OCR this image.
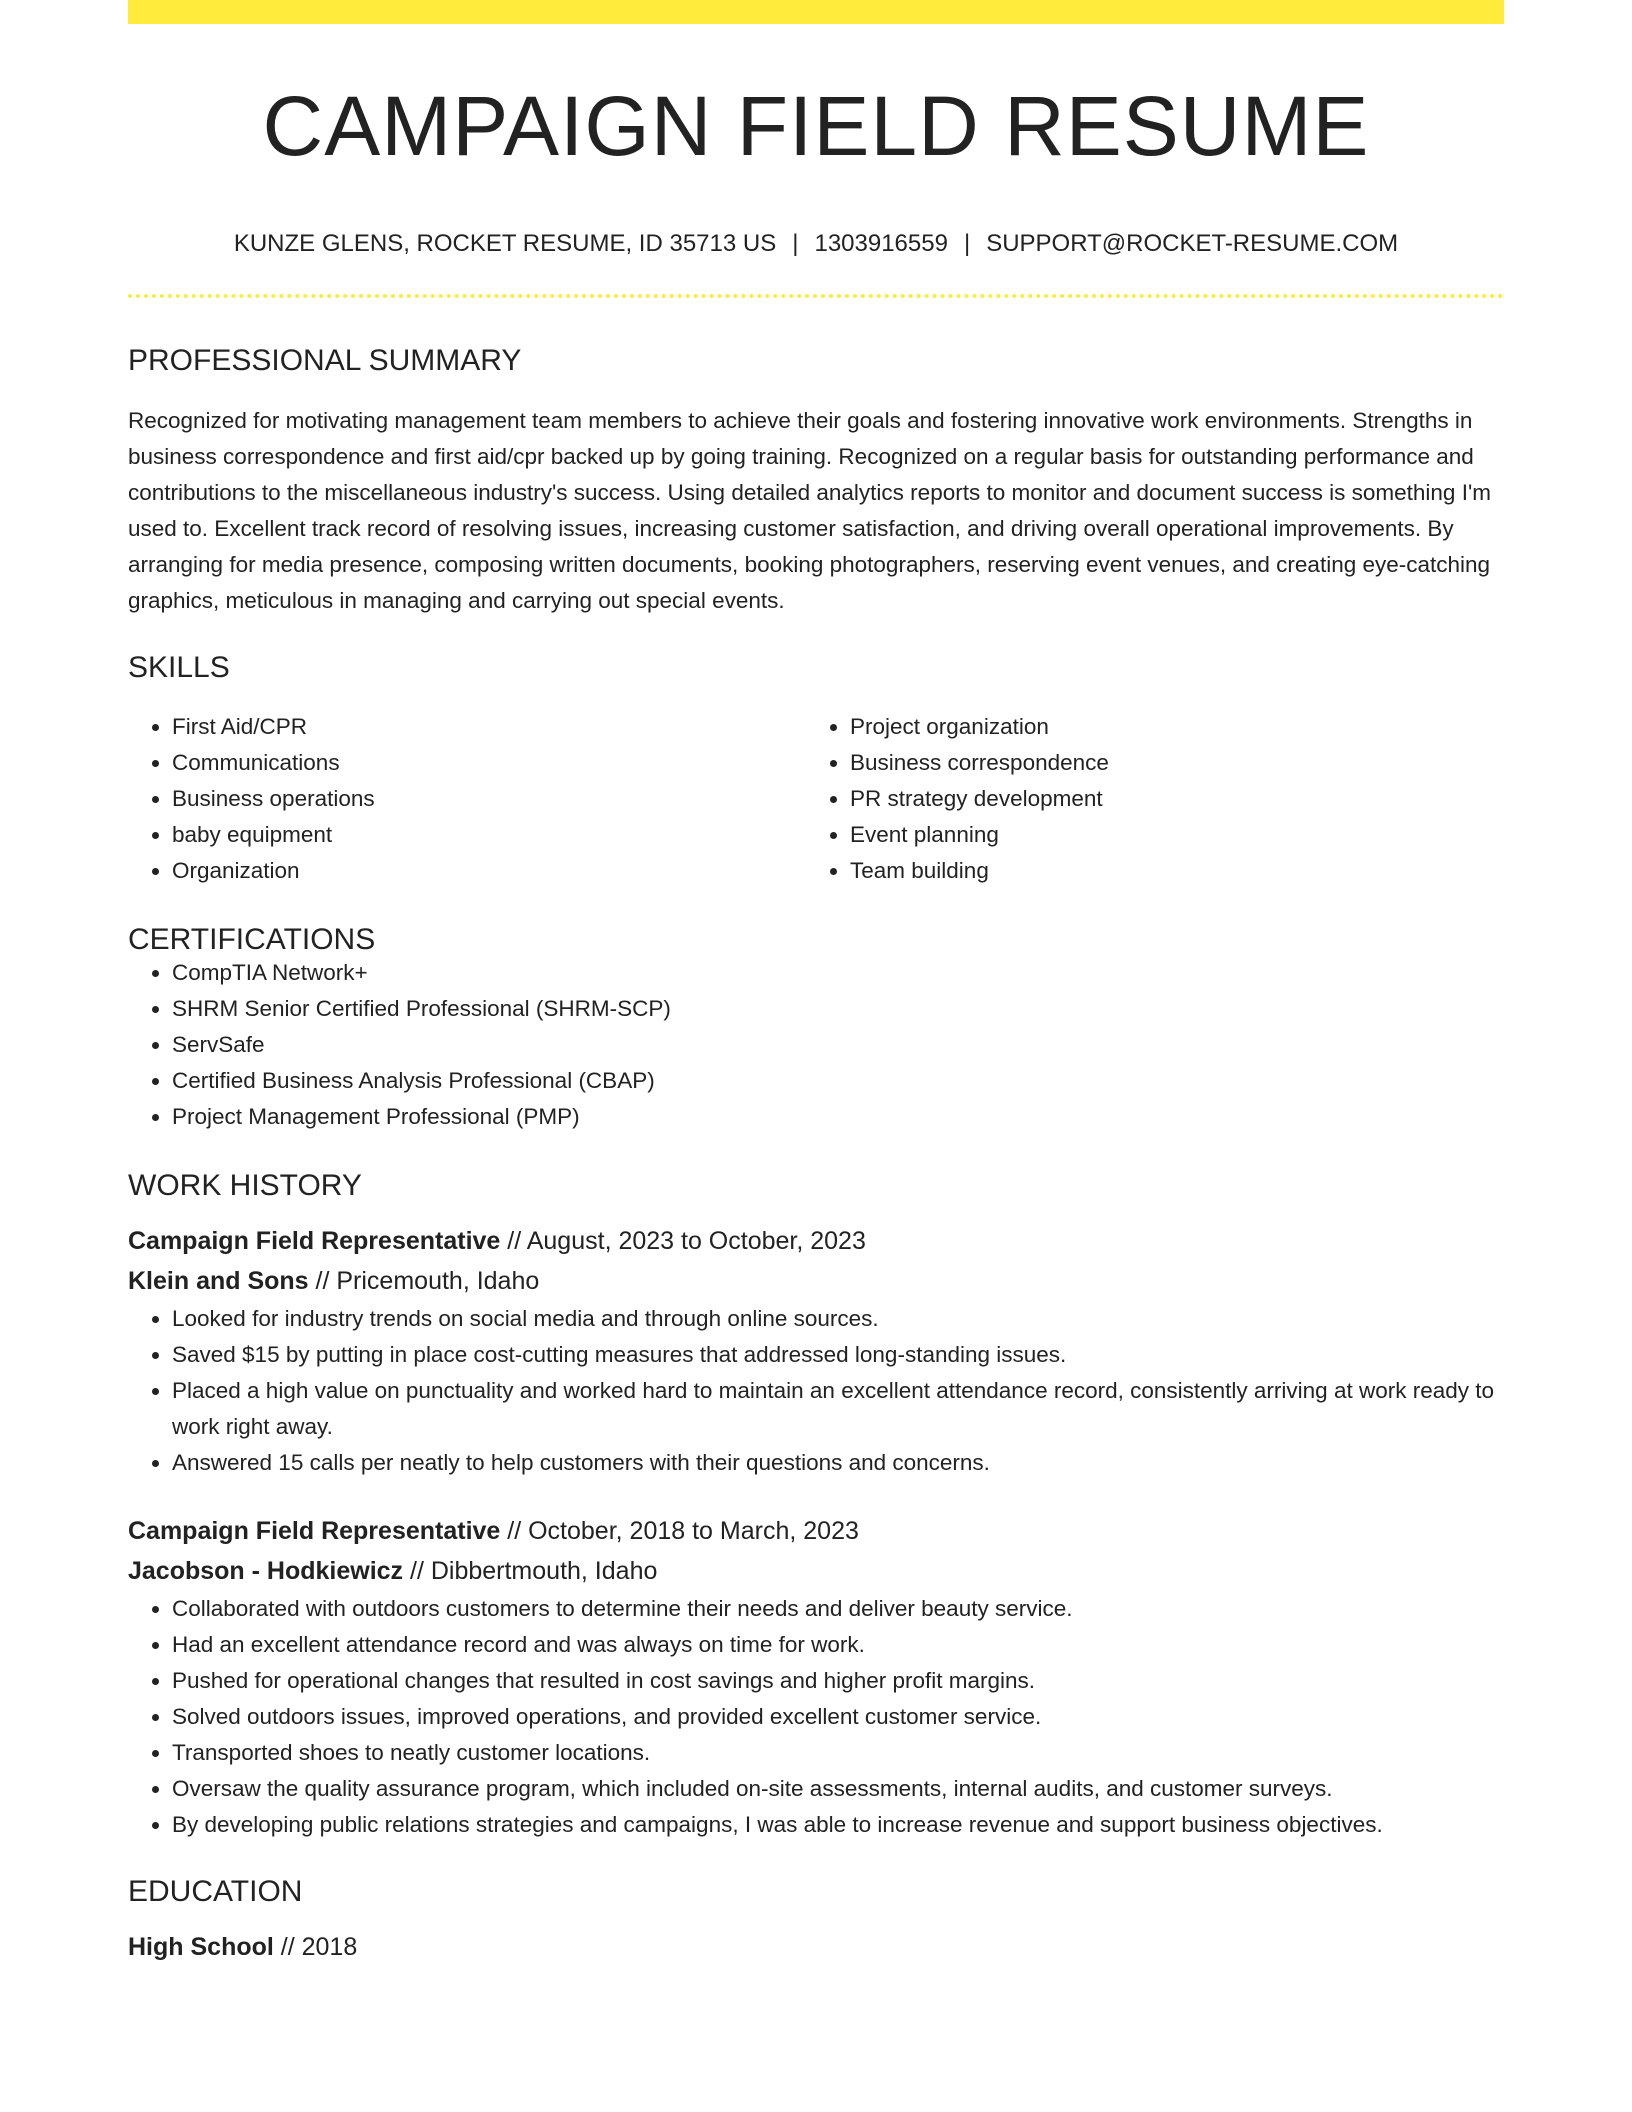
CAMPAIGN FIELD RESUME
KUNZE GLENS, ROCKET RESUME, ID 35713 US | 1303916559 | SUPPORT@ROCKET-RESUME.COM
PROFESSIONAL SUMMARY

Recognized for motivating management team members to achieve their goals and fostering innovative work environments. Strengths in business correspondence and first aid/cpr backed up by going training. Recognized on a regular basis for outstanding performance and contributions to the miscellaneous industry's success. Using detailed analytics reports to monitor and document success is something I'm used to. Excellent track record of resolving issues, increasing customer satisfaction, and driving overall operational improvements. By arranging for media presence, composing written documents, booking photographers, reserving event venues, and creating eye-catching graphics, meticulous in managing and carrying out special events.

SKILLS
• First Aid/CPR
• Communications
• Business operations
• baby equipment
• Organization
• Project organization
• Business correspondence
• PR strategy development
• Event planning
• Team building
CERTIFICATIONS
• CompTIA Network+
• SHRM Senior Certified Professional (SHRM-SCP)
• ServSafe
• Certified Business Analysis Professional (CBAP)
• Project Management Professional (PMP)
WORK HISTORY
Campaign Field Representative // August, 2023 to October, 2023
Klein and Sons // Pricemouth, Idaho
• Looked for industry trends on social media and through online sources.
• Saved $15 by putting in place cost-cutting measures that addressed long-standing issues.
• Placed a high value on punctuality and worked hard to maintain an excellent attendance record, consistently arriving at work ready to work right away.
• Answered 15 calls per neatly to help customers with their questions and concerns.
Campaign Field Representative // October, 2018 to March, 2023
Jacobson - Hodkiewicz // Dibbertmouth, Idaho
• Collaborated with outdoors customers to determine their needs and deliver beauty service.
• Had an excellent attendance record and was always on time for work.
• Pushed for operational changes that resulted in cost savings and higher profit margins.
• Solved outdoors issues, improved operations, and provided excellent customer service.
• Transported shoes to neatly customer locations.
• Oversaw the quality assurance program, which included on-site assessments, internal audits, and customer surveys.
• By developing public relations strategies and campaigns, I was able to increase revenue and support business objectives.
EDUCATION
High School // 2018
